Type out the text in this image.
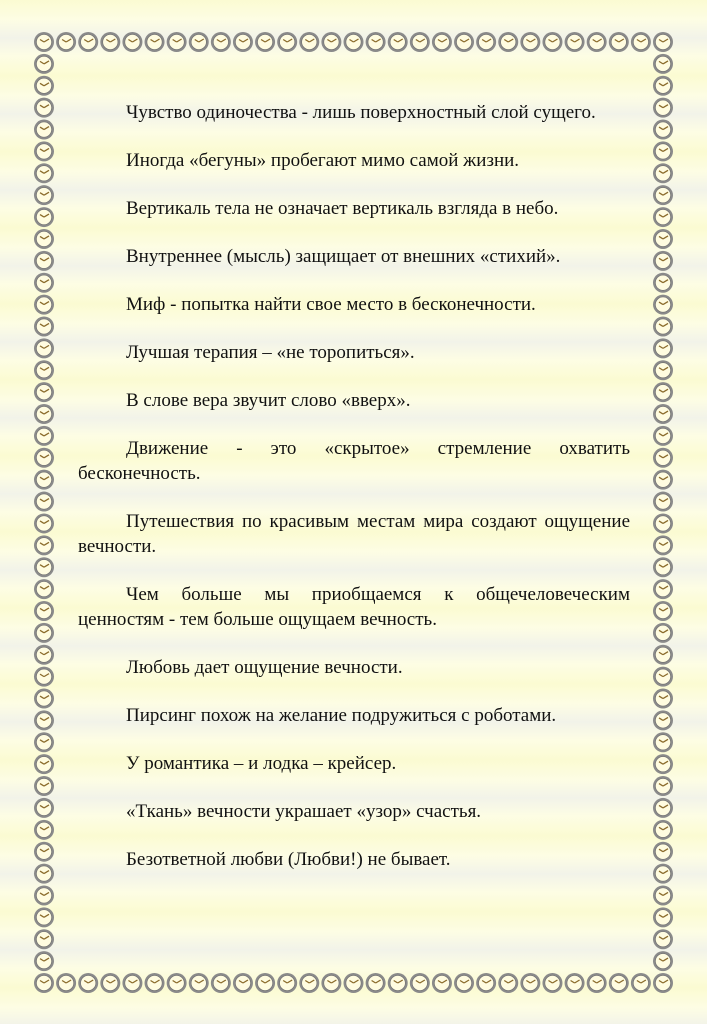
Чувство одиночества - лишь поверхностный слой сущего.

Иногда «бегуны» пробегают мимо самой жизни.

Вертикаль тела не означает вертикаль взгляда в небо.

Внутреннее (мысль) защищает от внешних «стихий».

Миф - попытка найти свое место в бесконечности.

Лучшая терапия – «не торопиться».

В слове вера звучит слово «вверх».

Движение - это «скрытое» стремление охватить бесконечность.

Путешествия по красивым местам мира создают ощущение вечности.

Чем больше мы приобщаемся к общечеловеческим ценностям - тем больше ощущаем вечность.

Любовь дает ощущение вечности.

Пирсинг похож на желание подружиться с роботами.

У романтика – и лодка – крейсер.

«Ткань» вечности украшает «узор» счастья.

Безответной любви (Любви!) не бывает.
